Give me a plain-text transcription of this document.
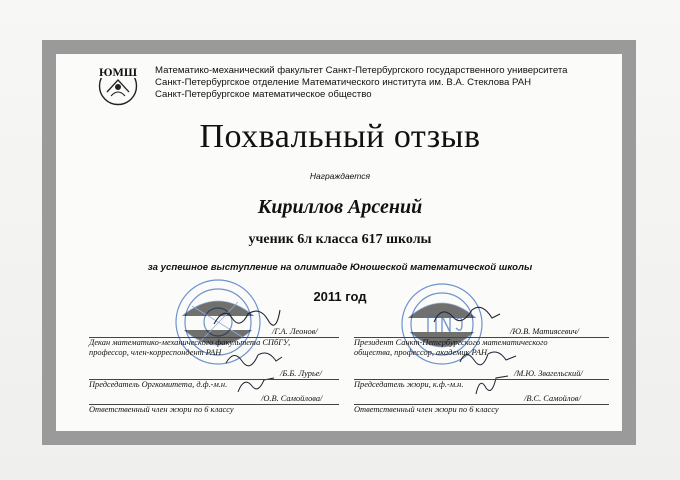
ЮМШ Математико-механический факультет Санкт-Петербургского государственного университета
Санкт-Петербургское отделение Математического института им. В.А. Стеклова РАН
Санкт-Петербургское математическое общество
Похвальный отзыв
Награждается
Кириллов Арсений
ученик 6л класса 617 школы
за успешное выступление на олимпиаде Юношеской математической школы
2011 год
/Г.А. Леонов/
Декан математико-механического факультета СПбГУ,
профессор, член-корреспондент РАН
/Б.Б. Лурье/
Председатель Оргкомитета, д.ф.-м.н.
/О.В. Самойлова/
Ответственный член жюри по 6 классу
/Ю.В. Матиясевич/
Президент Санкт-Петербургского математического
общества, профессор, академик РАН
/М.Ю. Звагельский/
Председатель жюри, к.ф.-м.н.
/В.С. Самойлов/
Ответственный член жюри по 6 классу
